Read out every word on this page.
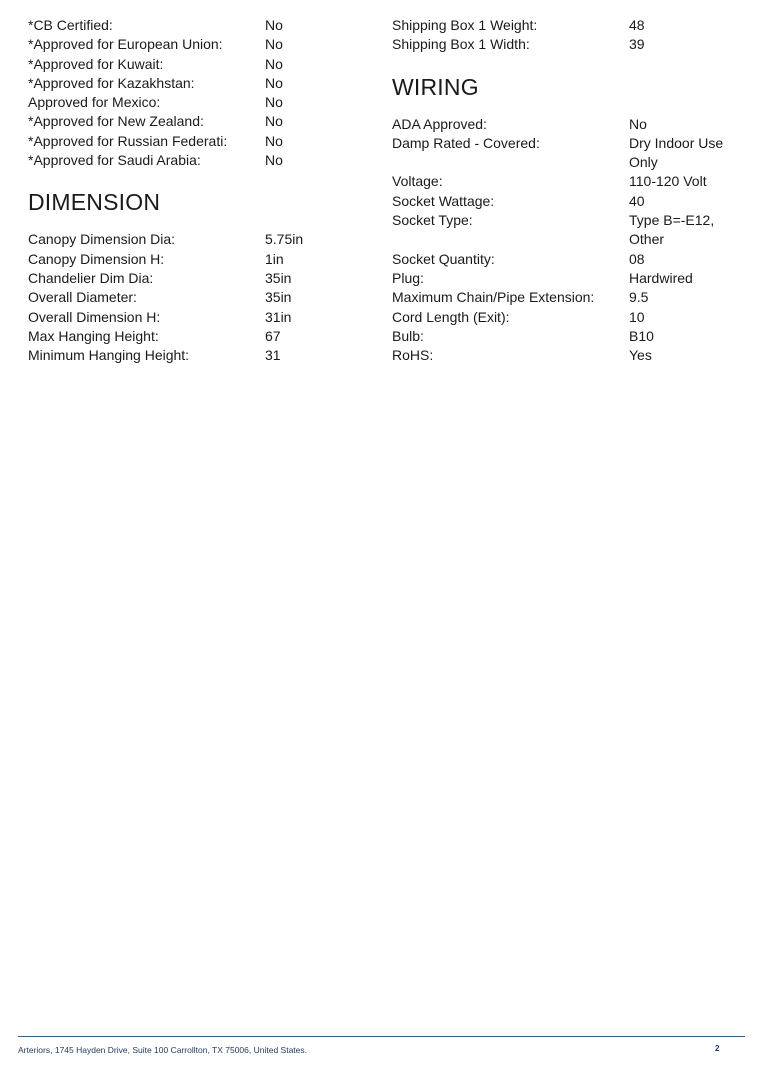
*CB Certified:	No
*Approved for European Union:	No
*Approved for Kuwait:	No
*Approved for Kazakhstan:	No
Approved for Mexico:	No
*Approved for New Zealand:	No
*Approved for Russian Federati:	No
*Approved for Saudi Arabia:	No
DIMENSION
Canopy Dimension Dia:	5.75in
Canopy Dimension H:	1in
Chandelier Dim Dia:	35in
Overall Diameter:	35in
Overall Dimension H:	31in
Max Hanging Height:	67
Minimum Hanging Height:	31
Shipping Box 1 Weight:	48
Shipping Box 1 Width:	39
WIRING
ADA Approved:	No
Damp Rated - Covered:	Dry Indoor Use Only
Voltage:	110-120 Volt
Socket Wattage:	40
Socket Type:	Type B=-E12, Other
Socket Quantity:	08
Plug:	Hardwired
Maximum Chain/Pipe Extension:	9.5
Cord Length (Exit):	10
Bulb:	B10
RoHS:	Yes
Arteriors, 1745 Hayden Drive, Suite 100 Carrollton, TX 75006, United States.	2
